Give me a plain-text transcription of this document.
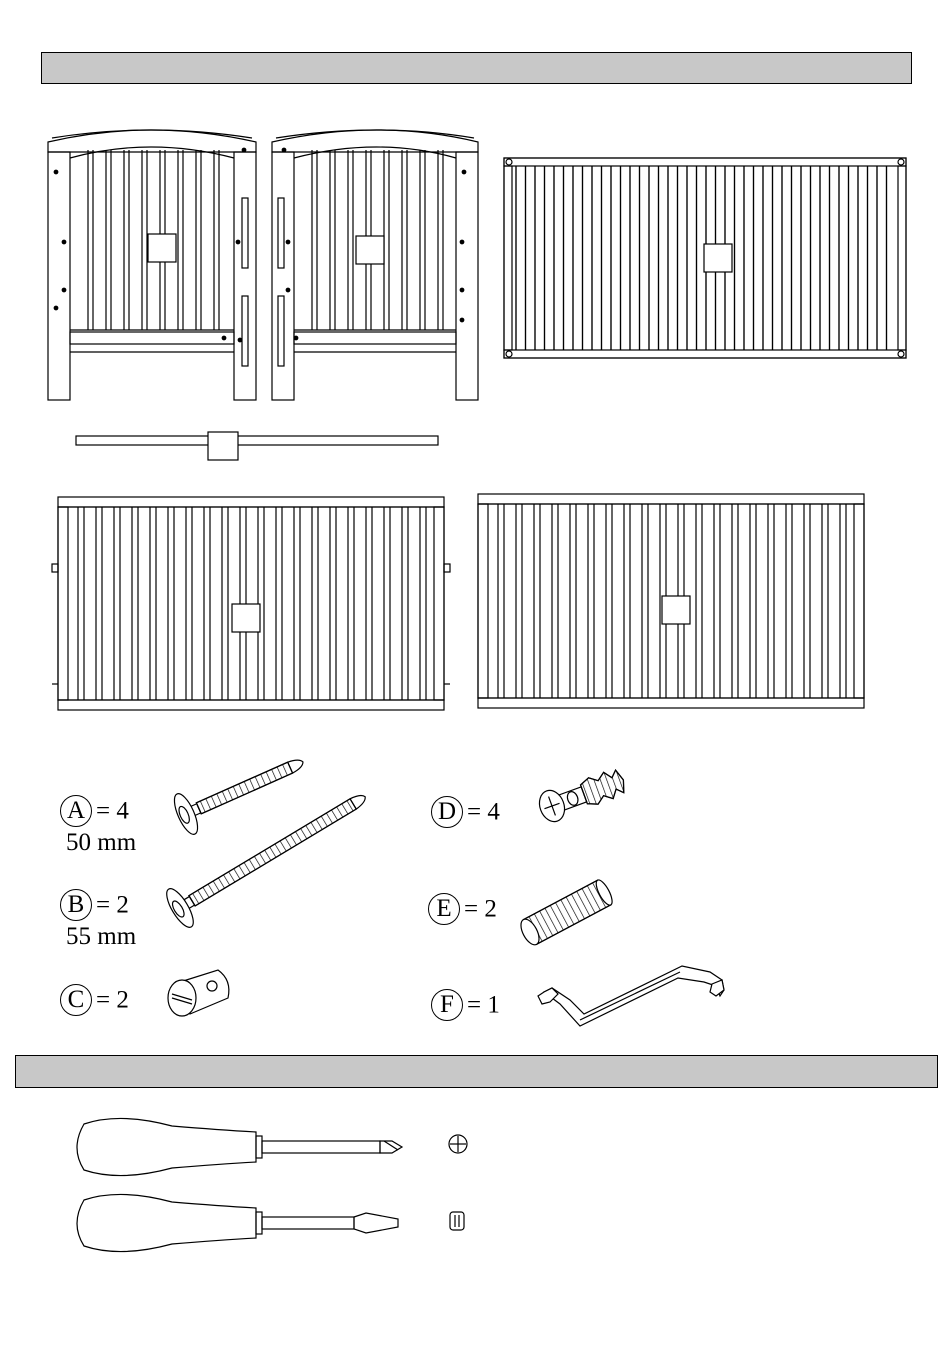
A = 4
50 mm
B = 2
55 mm
C = 2
D = 4
E = 2
F = 1
